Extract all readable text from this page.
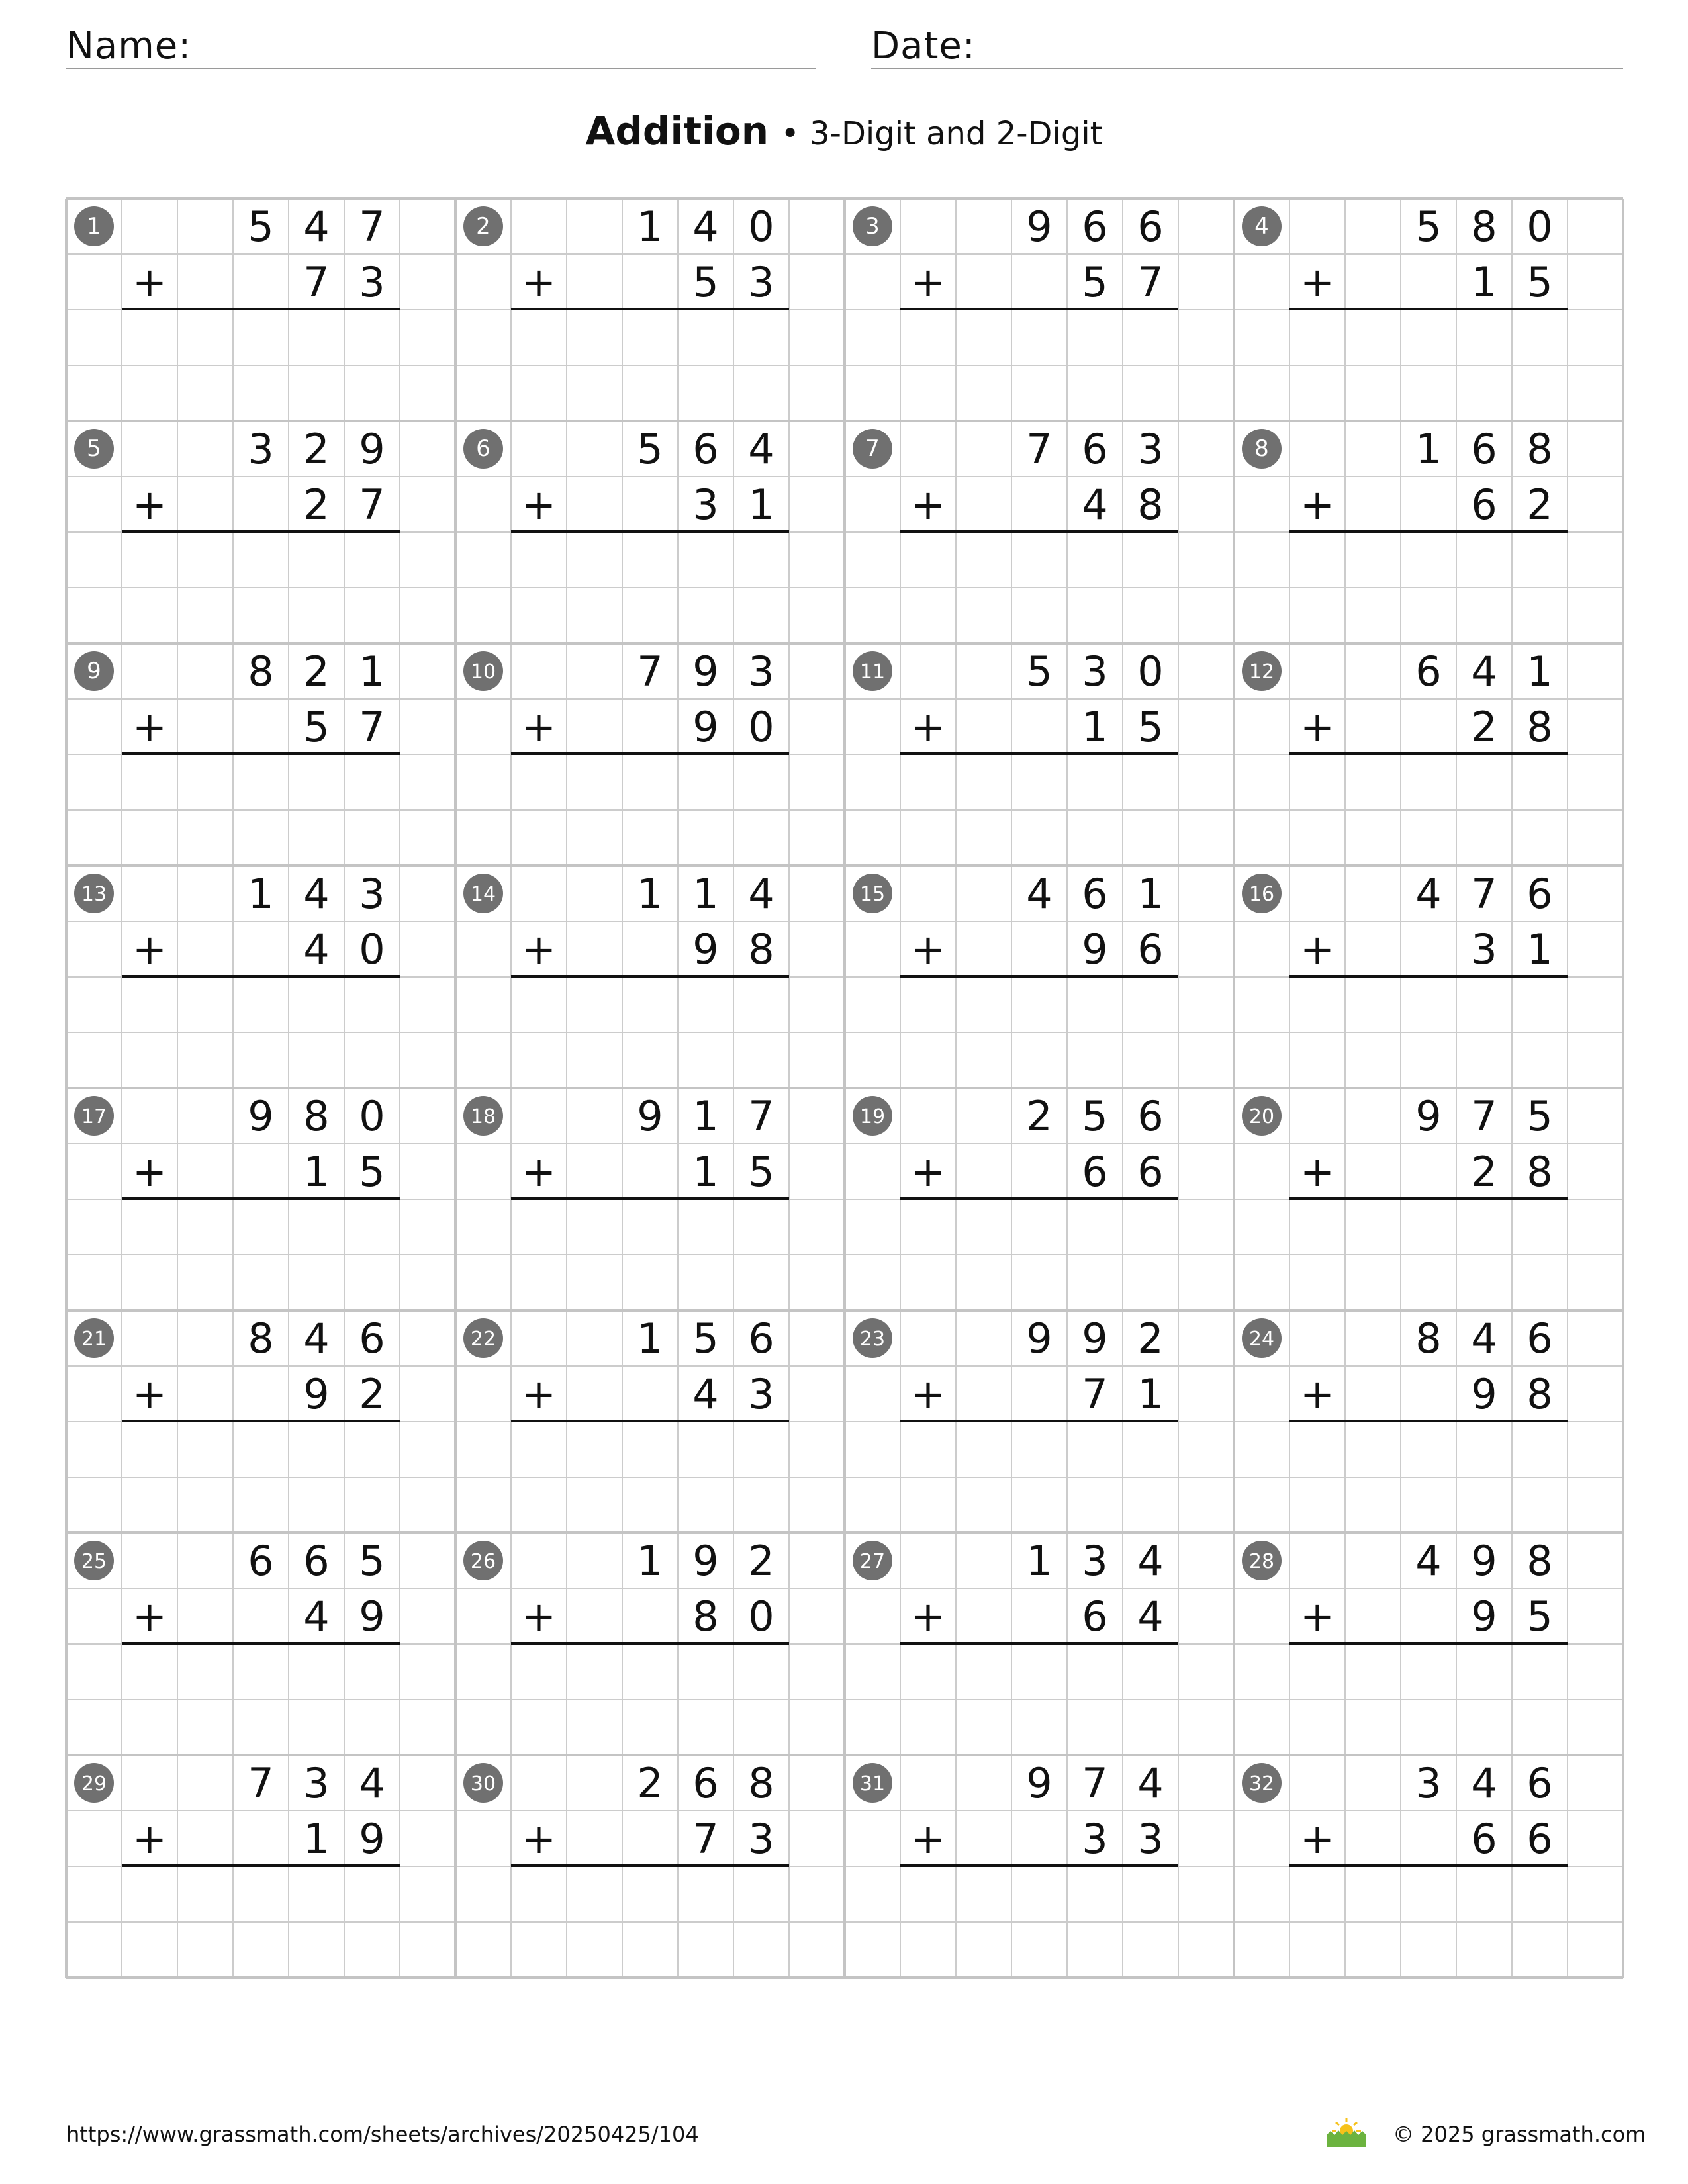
Name:	Date:
Addition • 3-Digit and 2-Digit
1	5 4 7
+	7 3
2	1 4 0
+	5 3
3	9 6 6
+	5 7
4	5 8 0
+	1 5
5	3 2 9
+	2 7
6	5 6 4
+	3 1
7	7 6 3
+	4 8
8	1 6 8
+	6 2
9	8 2 1
+	5 7
10	7 9 3
+	9 0
11	5 3 0
+	1 5
12	6 4 1
+	2 8
13	1 4 3
+	4 0
14	1 1 4
+	9 8
15	4 6 1
+	9 6
16	4 7 6
+	3 1
17	9 8 0
+	1 5
18	9 1 7
+	1 5
19	2 5 6
+	6 6
20	9 7 5
+	2 8
21	8 4 6
+	9 2
22	1 5 6
+	4 3
23	9 9 2
+	7 1
24	8 4 6
+	9 8
25	6 6 5
+	4 9
26	1 9 2
+	8 0
27	1 3 4
+	6 4
28	4 9 8
+	9 5
29	7 3 4
+	1 9
30	2 6 8
+	7 3
31	9 7 4
+	3 3
32	3 4 6
+	6 6
https://www.grassmath.com/sheets/archives/20250425/104	© 2025 grassmath.com
